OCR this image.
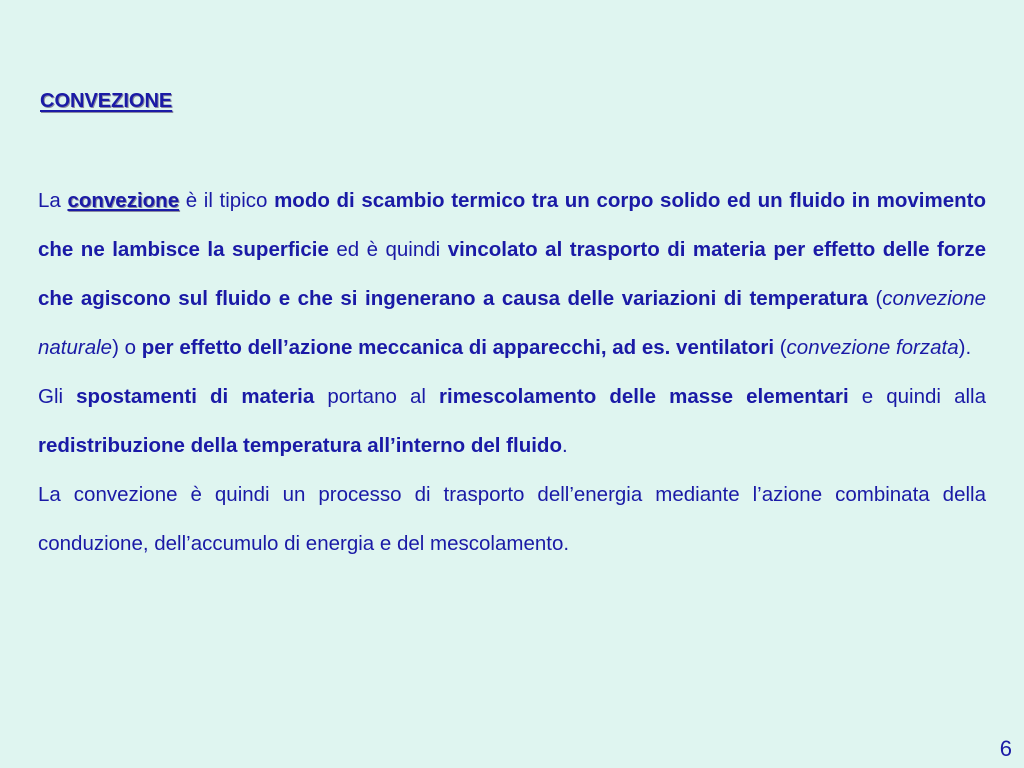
CONVEZIONE

La convezione è il tipico modo di scambio termico tra un corpo solido ed un fluido in movimento che ne lambisce la superficie ed è quindi vincolato al trasporto di materia per effetto delle forze che agiscono sul fluido e che si ingenerano a causa delle variazioni di temperatura (convezione naturale) o per effetto dell’azione meccanica di apparecchi, ad es. ventilatori (convezione forzata).

Gli spostamenti di materia portano al rimescolamento delle masse elementari e quindi alla redistribuzione della temperatura all’interno del fluido.

La convezione è quindi un processo di trasporto dell’energia mediante l’azione combinata della conduzione, dell’accumulo di energia e del mescolamento.

6
